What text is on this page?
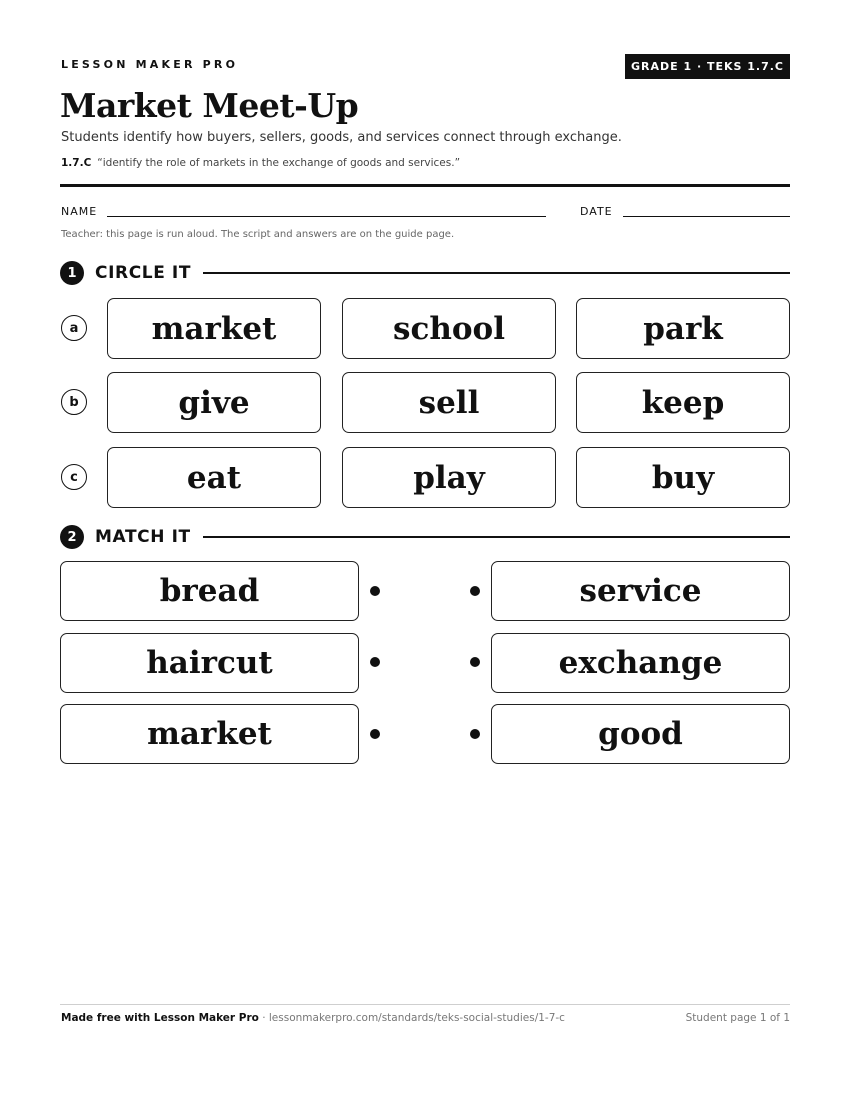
LESSON MAKER PRO	GRADE 1 · TEKS 1.7.C
Market Meet-Up
Students identify how buyers, sellers, goods, and services connect through exchange.
1.7.C “identify the role of markets in the exchange of goods and services.”
NAME	DATE
Teacher: this page is run aloud. The script and answers are on the guide page.
1	CIRCLE IT
a	market	school	park
b	give	sell	keep
c	eat	play	buy
2	MATCH IT
bread	service
haircut	exchange
market	good
Made free with Lesson Maker Pro · lessonmakerpro.com/standards/teks-social-studies/1-7-c	Student page 1 of 1
